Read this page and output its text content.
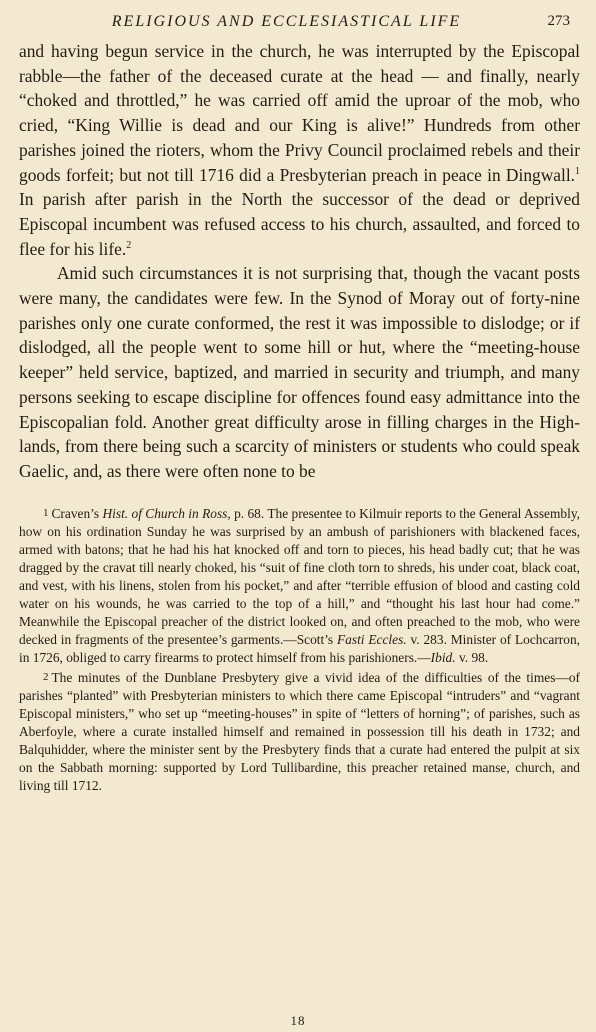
RELIGIOUS AND ECCLESIASTICAL LIFE	273

and having begun service in the church, he was interrupted by the Episcopal rabble—the father of the deceased curate at the head — and finally, nearly “choked and throttled,” he was carried off amid the uproar of the mob, who cried, “King Willie is dead and our King is alive!” Hundreds from other parishes joined the rioters, whom the Privy Council proclaimed rebels and their goods forfeit; but not till 1716 did a Presbyterian preach in peace in Dingwall.$^1$ In parish after parish in the North the successor of the dead or deprived Episcopal incumbent was refused access to his church, assaulted, and forced to flee for his life.$^2$

Amid such circumstances it is not surprising that, though the vacant posts were many, the candidates were few. In the Synod of Moray out of forty-nine parishes only one curate conformed, the rest it was impossible to dislodge; or if dislodged, all the people went to some hill or hut, where the “meeting-house keeper” held service, baptized, and married in security and triumph, and many persons seeking to escape discipline for offences found easy admittance into the Episcopalian fold. Another great difficulty arose in filling charges in the Highlands, from there being such a scarcity of ministers or students who could speak Gaelic, and, as there were often none to be

1 Craven’s Hist. of Church in Ross, p. 68. The presentee to Kilmuir reports to the General Assembly, how on his ordination Sunday he was surprised by an ambush of parishioners with blackened faces, armed with batons; that he had his hat knocked off and torn to pieces, his head badly cut; that he was dragged by the cravat till nearly choked, his “suit of fine cloth torn to shreds, his under coat, black coat, and vest, with his linens, stolen from his pocket,” and after “terrible effusion of blood and casting cold water on his wounds, he was carried to the top of a hill,” and “thought his last hour had come.” Meanwhile the Episcopal preacher of the district looked on, and often preached to the mob, who were decked in fragments of the presentee’s garments.—Scott’s Fasti Eccles. v. 283. Minister of Lochcarron, in 1726, obliged to carry firearms to protect himself from his parishioners.—Ibid. v. 98.

2 The minutes of the Dunblane Presbytery give a vivid idea of the difficulties of the times—of parishes “planted” with Presbyterian ministers to which there came Episcopal “intruders” and “vagrant Episcopal ministers,” who set up “meeting-houses” in spite of “letters of horning”; of parishes, such as Aberfoyle, where a curate installed himself and remained in possession till his death in 1732; and Balquhidder, where the minister sent by the Presbytery finds that a curate had entered the pulpit at six on the Sabbath morning: supported by Lord Tullibardine, this preacher retained manse, church, and living till 1712.

18
